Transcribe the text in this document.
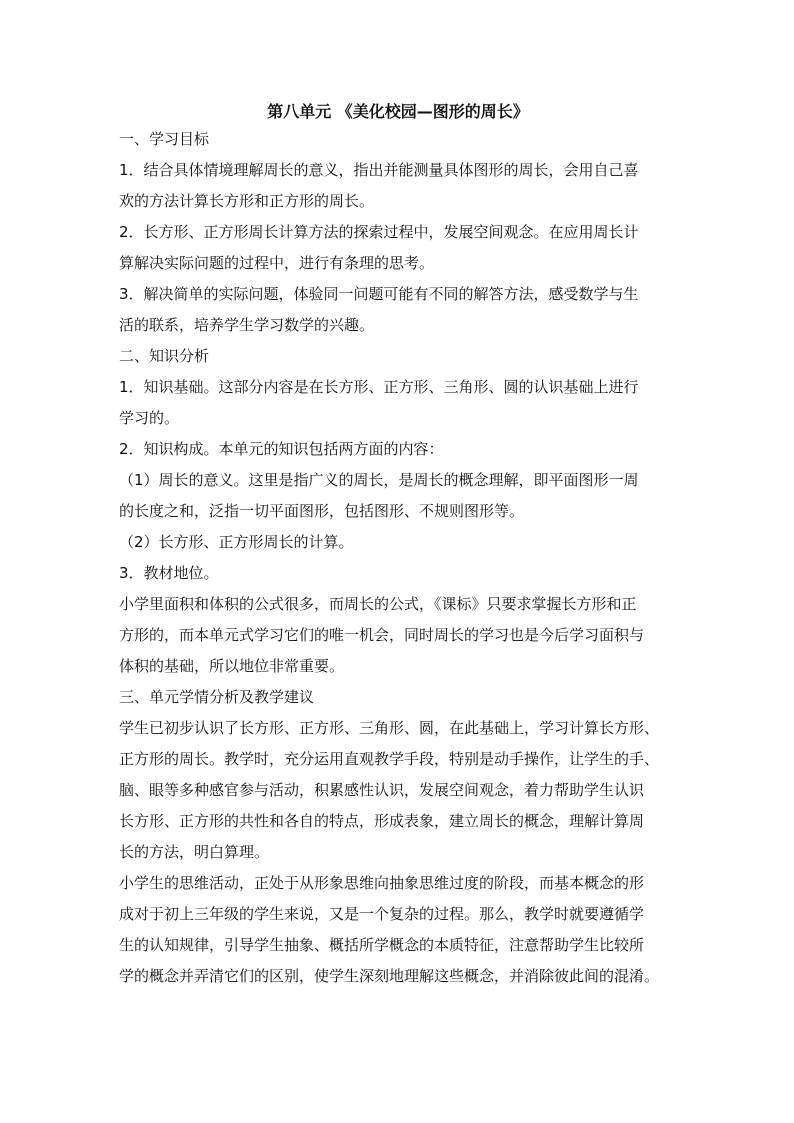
第八单元 《美化校园—图形的周长》

一、学习目标

1．结合具体情境理解周长的意义，指出并能测量具体图形的周长，会用自己喜

欢的方法计算长方形和正方形的周长。

2．长方形、正方形周长计算方法的探索过程中，发展空间观念。在应用周长计

算解决实际问题的过程中，进行有条理的思考。

3．解决简单的实际问题，体验同一问题可能有不同的解答方法，感受数学与生

活的联系，培养学生学习数学的兴趣。

二、知识分析

1．知识基础。这部分内容是在长方形、正方形、三角形、圆的认识基础上进行

学习的。

2．知识构成。本单元的知识包括两方面的内容：

（1）周长的意义。这里是指广义的周长，是周长的概念理解，即平面图形一周

的长度之和，泛指一切平面图形，包括图形、不规则图形等。

（2）长方形、正方形周长的计算。

3．教材地位。

小学里面积和体积的公式很多，而周长的公式，《课标》只要求掌握长方形和正

方形的，而本单元式学习它们的唯一机会，同时周长的学习也是今后学习面积与

体积的基础，所以地位非常重要。

三、单元学情分析及教学建议

学生已初步认识了长方形、正方形、三角形、圆，在此基础上，学习计算长方形、

正方形的周长。教学时，充分运用直观教学手段，特别是动手操作，让学生的手、

脑、眼等多种感官参与活动，积累感性认识，发展空间观念，着力帮助学生认识

长方形、正方形的共性和各自的特点，形成表象，建立周长的概念，理解计算周

长的方法，明白算理。

小学生的思维活动，正处于从形象思维向抽象思维过度的阶段，而基本概念的形

成对于初上三年级的学生来说，又是一个复杂的过程。那么，教学时就要遵循学

生的认知规律，引导学生抽象、概括所学概念的本质特征，注意帮助学生比较所

学的概念并弄清它们的区别，使学生深刻地理解这些概念，并消除彼此间的混淆。
